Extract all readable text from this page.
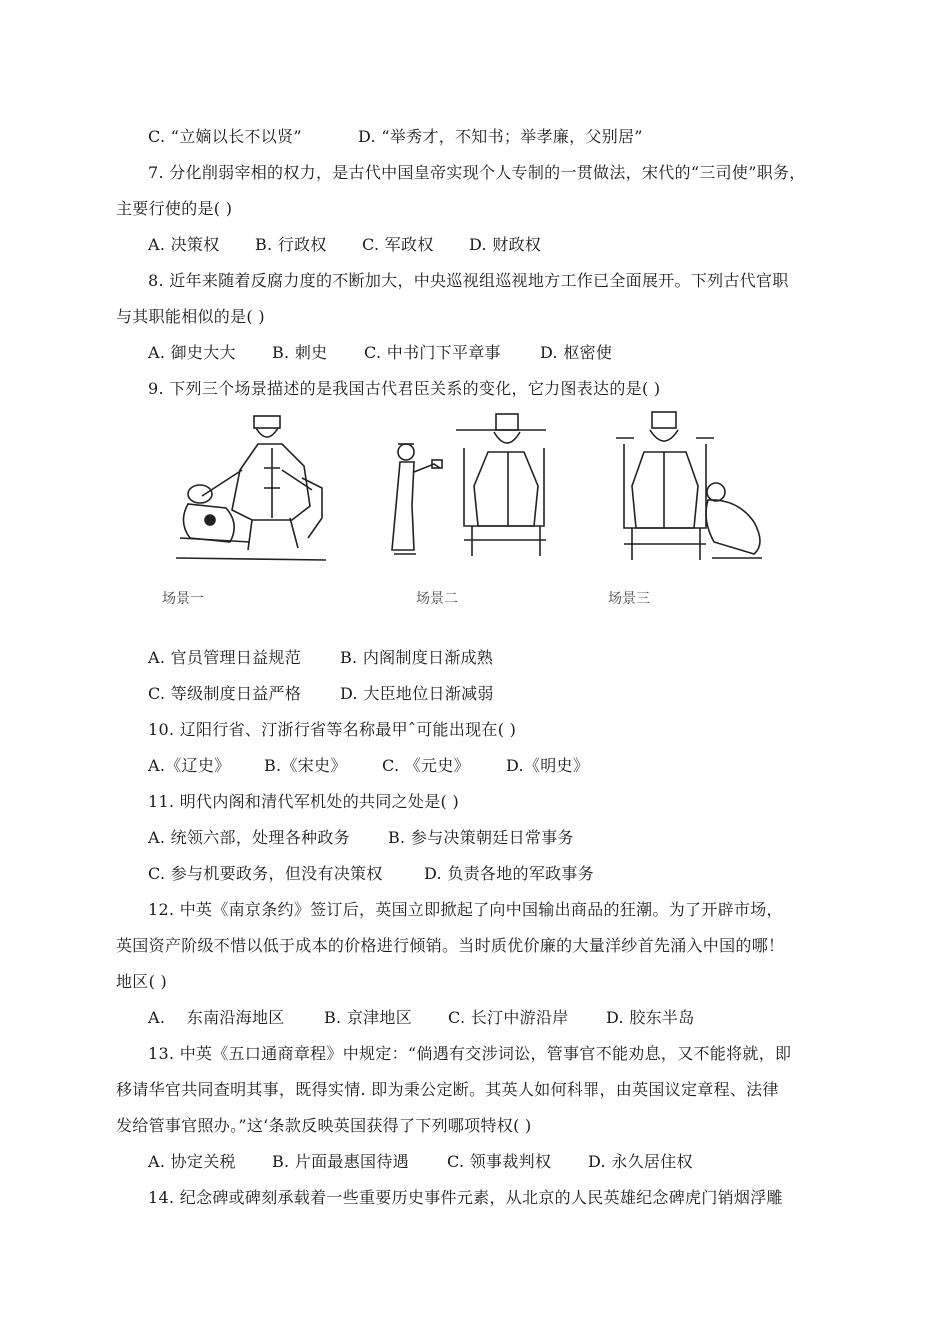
C. “立嫡以长不以贤”	D. “举秀才，不知书；举孝廉，父别居”
7. 分化削弱宰相的权力，是古代中国皇帝实现个人专制的一贯做法，宋代的“三司使”职务，
主要行使的是( )
A. 决策权 B. 行政权 C. 军政权 D. 财政权
8. 近年来随着反腐力度的不断加大，中央巡视组巡视地方工作已全面展开。下列古代官职
与其职能相似的是( )
A. 御史大大 B. 刺史 C. 中书门下平章事 D. 枢密使
9. 下列三个场景描述的是我国古代君臣关系的变化，它力图表达的是( )
场景一	场景二	场景三
A. 官员管理日益规范 B. 内阁制度日渐成熟
C. 等级制度日益严格 D. 大臣地位日渐减弱
10. 辽阳行省、汀浙行省等名称最甲ˆ可能出现在( )
A.《辽史》 B.《宋史》 C. 《元史》 D.《明史》
11. 明代内阁和清代军机处的共同之处是( )
A. 统领六部，处理各种政务 B. 参与决策朝廷日常事务
C. 参与机要政务，但没有决策权	D. 负责各地的军政事务
12. 中英《南京条约》签订后，英国立即掀起了向中国输出商品的狂潮。为了开辟市场，
英国资产阶级不惜以低于成本的价格进行倾销。当时质优价廉的大量洋纱首先涌入中国的哪！
地区( )
A.    东南沿海地区 B. 京津地区 C. 长汀中游沿岸 D. 胶东半岛
13. 中英《五口通商章程》中规定：“倘遇有交涉词讼，管事官不能劝息，又不能将就，即
移请华官共同查明其事，既得实情. 即为秉公定断。其英人如何科罪，由英国议定章程、法律
发给管事官照办。”这‘条款反映英国获得了下列哪项特权( )
A. 协定关税 B. 片面最惠国待遇 C. 领事裁判权 D. 永久居住权
14. 纪念碑或碑刻承载着一些重要历史事件元素，从北京的人民英雄纪念碑虎门销烟浮雕
